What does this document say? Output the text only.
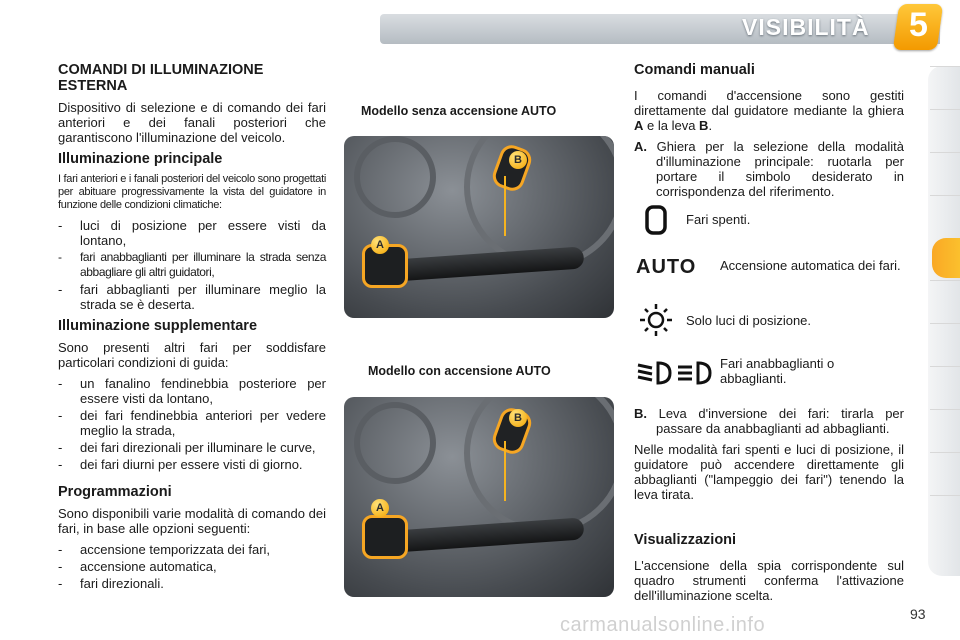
VISIBILITÀ 5
COMANDI DI ILLUMINAZIONE ESTERNA

Dispositivo di selezione e di comando dei fari anteriori e dei fanali posteriori che garantiscono l'illuminazione del veicolo.

Illuminazione principale

I fari anteriori e i fanali posteriori del veicolo sono progettati per abituare progressivamente la vista del guidatore in funzione delle condizioni climatiche:

- luci di posizione per essere visti da lontano,
- fari anabbaglianti per illuminare la strada senza abbagliare gli altri guidatori,
- fari abbaglianti per illuminare meglio la strada se è deserta.
Illuminazione supplementare

Sono presenti altri fari per soddisfare particolari condizioni di guida:

- un fanalino fendinebbia posteriore per essere visti da lontano,
- dei fari fendinebbia anteriori per vedere meglio la strada,
- dei fari direzionali per illuminare le curve,
- dei fari diurni per essere visti di giorno.
Programmazioni

Sono disponibili varie modalità di comando dei fari, in base alle opzioni seguenti:

- accensione temporizzata dei fari,
- accensione automatica,
- fari direzionali.
Modello senza accensione AUTO
B
A
Modello con accensione AUTO
B
A
Comandi manuali

I comandi d'accensione sono gestiti direttamente dal guidatore mediante la ghiera A e la leva B.

A. Ghiera per la selezione della modalità d'illuminazione principale: ruotarla per portare il simbolo desiderato in corrispondenza del riferimento.

Fari spenti.
AUTO Accensione automatica dei fari.
Solo luci di posizione.
Fari anabbaglianti o abbaglianti.

B. Leva d'inversione dei fari: tirarla per passare da anabbaglianti ad abbaglianti.

Nelle modalità fari spenti e luci di posizione, il guidatore può accendere direttamente gli abbaglianti ("lampeggio dei fari") tenendo la leva tirata.

Visualizzazioni

L'accensione della spia corrispondente sul quadro strumenti conferma l'attivazione dell'illuminazione scelta.

carmanualsonline.info	93
